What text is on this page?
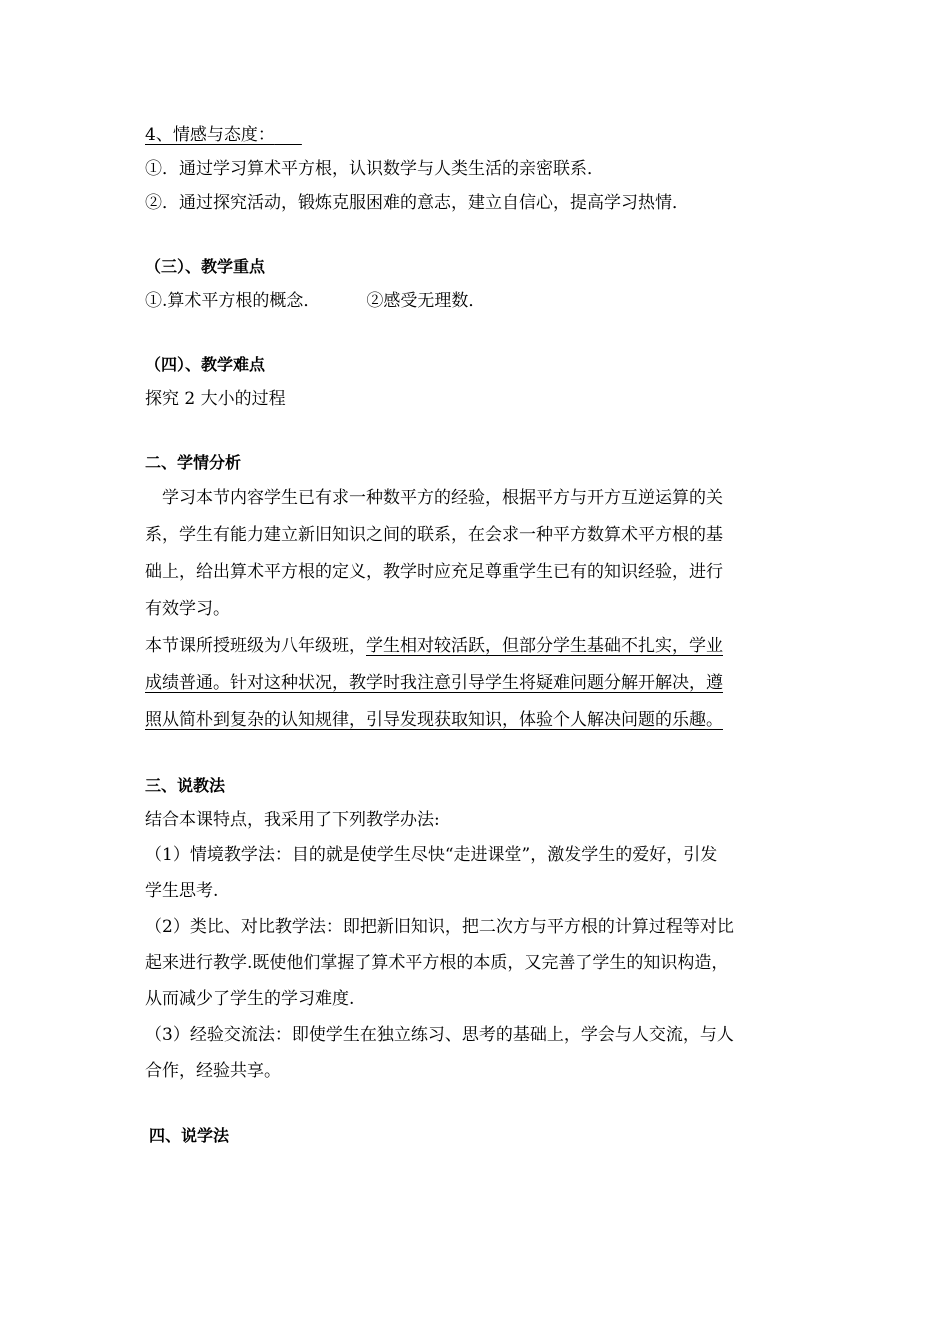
4、情感与态度：
①．通过学习算术平方根，认识数学与人类生活的亲密联系．
②．通过探究活动，锻炼克服困难的意志，建立自信心，提高学习热情．
（三）、教学重点
①.算术平方根的概念．	②感受无理数．
（四）、教学难点
探究 2 大小的过程
二、学情分析
学习本节内容学生已有求一种数平方的经验，根据平方与开方互逆运算的关
系，学生有能力建立新旧知识之间的联系，在会求一种平方数算术平方根的基
础上，给出算术平方根的定义，教学时应充足尊重学生已有的知识经验，进行
有效学习。
本节课所授班级为八年级班，学生相对较活跃，但部分学生基础不扎实，学业
成绩普通。针对这种状况，教学时我注意引导学生将疑难问题分解开解决，遵
照从简朴到复杂的认知规律，引导发现获取知识，体验个人解决问题的乐趣。
三、说教法
结合本课特点，我采用了下列教学办法:
（1）情境教学法：目的就是使学生尽快“走进课堂”，激发学生的爱好，引发
学生思考.
（2）类比、对比教学法：即把新旧知识，把二次方与平方根的计算过程等对比
起来进行教学.既使他们掌握了算术平方根的本质，又完善了学生的知识构造，
从而减少了学生的学习难度.
（3）经验交流法：即使学生在独立练习、思考的基础上，学会与人交流，与人
合作，经验共享。
四、说学法
